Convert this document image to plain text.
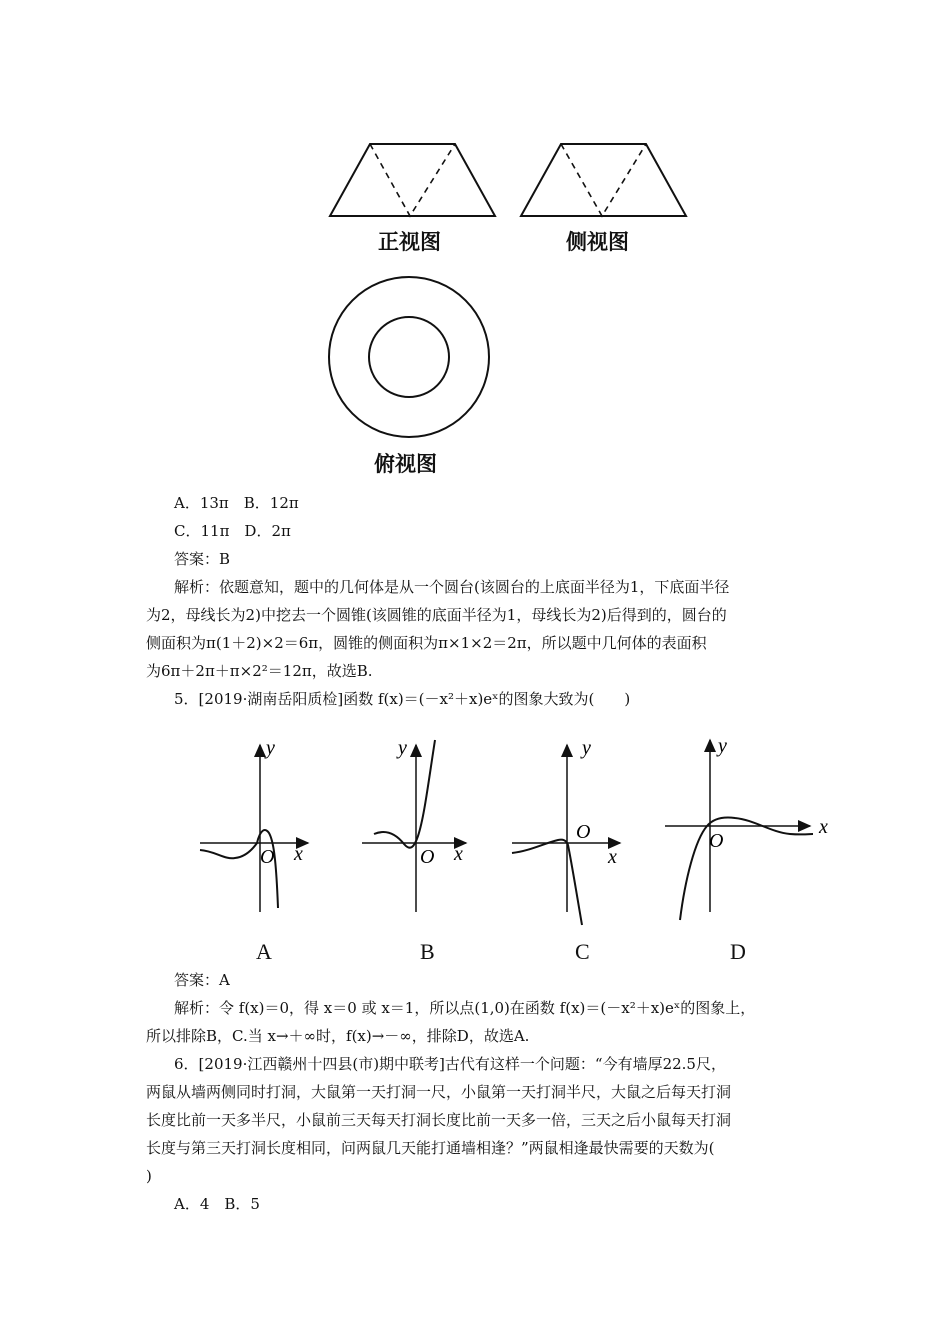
正视图	侧视图
俯视图
A．13π　B．12π
C．11π　D．2π
答案：B
解析：依题意知，题中的几何体是从一个圆台(该圆台的上底面半径为1，下底面半径
为2，母线长为2)中挖去一个圆锥(该圆锥的底面半径为1，母线长为2)后得到的，圆台的
侧面积为π(1＋2)×2＝6π，圆锥的侧面积为π×1×2＝2π，所以题中几何体的表面积
为6π＋2π＋π×2²＝12π，故选B.
5．[2019·湖南岳阳质检]函数 f(x)＝(－x²＋x)eˣ的图象大致为(　　)
y
x
O
y
x
O
y
x
O
y
x
O
A	B	C	D
答案：A
解析：令 f(x)＝0，得 x＝0 或 x＝1，所以点(1,0)在函数 f(x)＝(－x²＋x)eˣ的图象上，
所以排除B，C.当 x→＋∞时，f(x)→－∞，排除D，故选A.
6．[2019·江西赣州十四县(市)期中联考]古代有这样一个问题：“今有墙厚22.5尺，
两鼠从墙两侧同时打洞，大鼠第一天打洞一尺，小鼠第一天打洞半尺，大鼠之后每天打洞
长度比前一天多半尺，小鼠前三天每天打洞长度比前一天多一倍，三天之后小鼠每天打洞
长度与第三天打洞长度相同，问两鼠几天能打通墙相逢？”两鼠相逢最快需要的天数为(
)
A．4　B．5
